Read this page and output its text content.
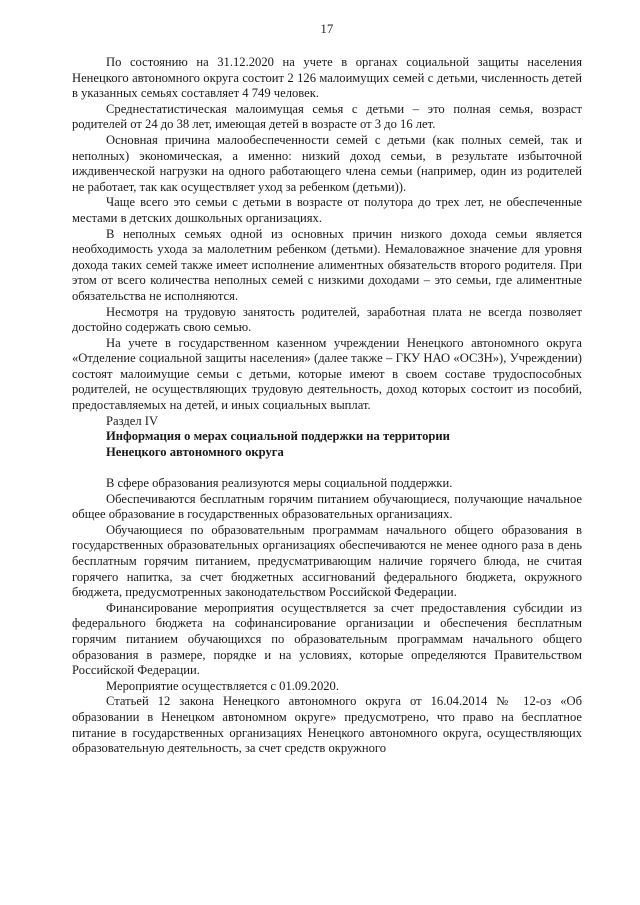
17

По состоянию на 31.12.2020 на учете в органах социальной защиты населения Ненецкого автономного округа состоит 2 126 малоимущих семей с детьми, численность детей в указанных семьях составляет 4 749 человек.

Среднестатистическая малоимущая семья с детьми – это полная семья, возраст родителей от 24 до 38 лет, имеющая детей в возрасте от 3 до 16 лет.

Основная причина малообеспеченности семей с детьми (как полных семей, так и неполных) экономическая, а именно: низкий доход семьи, в результате избыточной иждивенческой нагрузки на одного работающего члена семьи (например, один из родителей не работает, так как осуществляет уход за ребенком (детьми)).

Чаще всего это семьи с детьми в возрасте от полутора до трех лет, не обеспеченные местами в детских дошкольных организациях.

В неполных семьях одной из основных причин низкого дохода семьи является необходимость ухода за малолетним ребенком (детьми). Немаловажное значение для уровня дохода таких семей также имеет исполнение алиментных обязательств второго родителя. При этом от всего количества неполных семей с низкими доходами – это семьи, где алиментные обязательства не исполняются.

Несмотря на трудовую занятость родителей, заработная плата не всегда позволяет достойно содержать свою семью.

На учете в государственном казенном учреждении Ненецкого автономного округа «Отделение социальной защиты населения» (далее также – ГКУ НАО «ОСЗН»), Учреждении) состоят малоимущие семьи с детьми, которые имеют в своем составе трудоспособных родителей, не осуществляющих трудовую деятельность, доход которых состоит из пособий, предоставляемых на детей, и иных социальных выплат.

Раздел IV

Информация о мерах социальной поддержки на территории

Ненецкого автономного округа

В сфере образования реализуются меры социальной поддержки.

Обеспечиваются бесплатным горячим питанием обучающиеся, получающие начальное общее образование в государственных образовательных организациях.

Обучающиеся по образовательным программам начального общего образования в государственных образовательных организациях обеспечиваются не менее одного раза в день бесплатным горячим питанием, предусматривающим наличие горячего блюда, не считая горячего напитка, за счет бюджетных ассигнований федерального бюджета, окружного бюджета, предусмотренных законодательством Российской Федерации.

Финансирование мероприятия осуществляется за счет предоставления субсидии из федерального бюджета на софинансирование организации и обеспечения бесплатным горячим питанием обучающихся по образовательным программам начального общего образования в размере, порядке и на условиях, которые определяются Правительством Российской Федерации.

Мероприятие осуществляется с 01.09.2020.

Статьей 12 закона Ненецкого автономного округа от 16.04.2014 № 12-оз «Об образовании в Ненецком автономном округе» предусмотрено, что право на бесплатное питание в государственных организациях Ненецкого автономного округа, осуществляющих образовательную деятельность, за счет средств окружного
